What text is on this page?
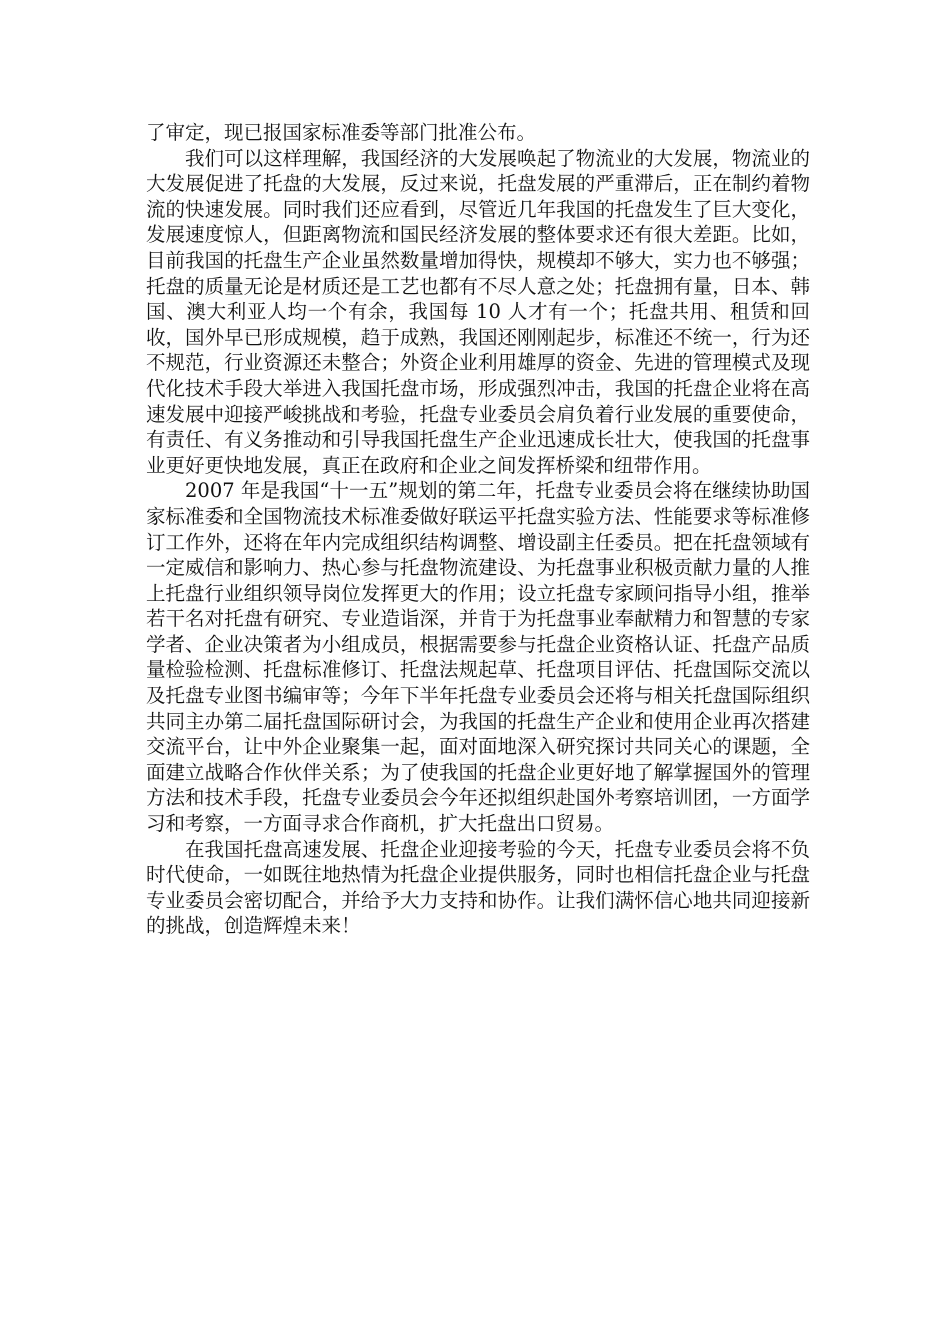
了审定，现已报国家标准委等部门批准公布。

我们可以这样理解，我国经济的大发展唤起了物流业的大发展，物流业的大发展促进了托盘的大发展，反过来说，托盘发展的严重滞后，正在制约着物流的快速发展。同时我们还应看到，尽管近几年我国的托盘发生了巨大变化，发展速度惊人，但距离物流和国民经济发展的整体要求还有很大差距。比如，目前我国的托盘生产企业虽然数量增加得快，规模却不够大，实力也不够强；托盘的质量无论是材质还是工艺也都有不尽人意之处；托盘拥有量，日本、韩国、澳大利亚人均一个有余，我国每 10 人才有一个；托盘共用、租赁和回收，国外早已形成规模，趋于成熟，我国还刚刚起步，标准还不统一，行为还不规范，行业资源还未整合；外资企业利用雄厚的资金、先进的管理模式及现代化技术手段大举进入我国托盘市场，形成强烈冲击，我国的托盘企业将在高速发展中迎接严峻挑战和考验，托盘专业委员会肩负着行业发展的重要使命，有责任、有义务推动和引导我国托盘生产企业迅速成长壮大，使我国的托盘事业更好更快地发展，真正在政府和企业之间发挥桥梁和纽带作用。

2007 年是我国“十一五”规划的第二年，托盘专业委员会将在继续协助国家标准委和全国物流技术标准委做好联运平托盘实验方法、性能要求等标准修订工作外，还将在年内完成组织结构调整、增设副主任委员。把在托盘领域有一定威信和影响力、热心参与托盘物流建设、为托盘事业积极贡献力量的人推上托盘行业组织领导岗位发挥更大的作用；设立托盘专家顾问指导小组，推举若干名对托盘有研究、专业造诣深，并肯于为托盘事业奉献精力和智慧的专家学者、企业决策者为小组成员，根据需要参与托盘企业资格认证、托盘产品质量检验检测、托盘标准修订、托盘法规起草、托盘项目评估、托盘国际交流以及托盘专业图书编审等；今年下半年托盘专业委员会还将与相关托盘国际组织共同主办第二届托盘国际研讨会，为我国的托盘生产企业和使用企业再次搭建交流平台，让中外企业聚集一起，面对面地深入研究探讨共同关心的课题，全面建立战略合作伙伴关系；为了使我国的托盘企业更好地了解掌握国外的管理方法和技术手段，托盘专业委员会今年还拟组织赴国外考察培训团，一方面学习和考察，一方面寻求合作商机，扩大托盘出口贸易。

在我国托盘高速发展、托盘企业迎接考验的今天，托盘专业委员会将不负时代使命，一如既往地热情为托盘企业提供服务，同时也相信托盘企业与托盘专业委员会密切配合，并给予大力支持和协作。让我们满怀信心地共同迎接新的挑战，创造辉煌未来！
